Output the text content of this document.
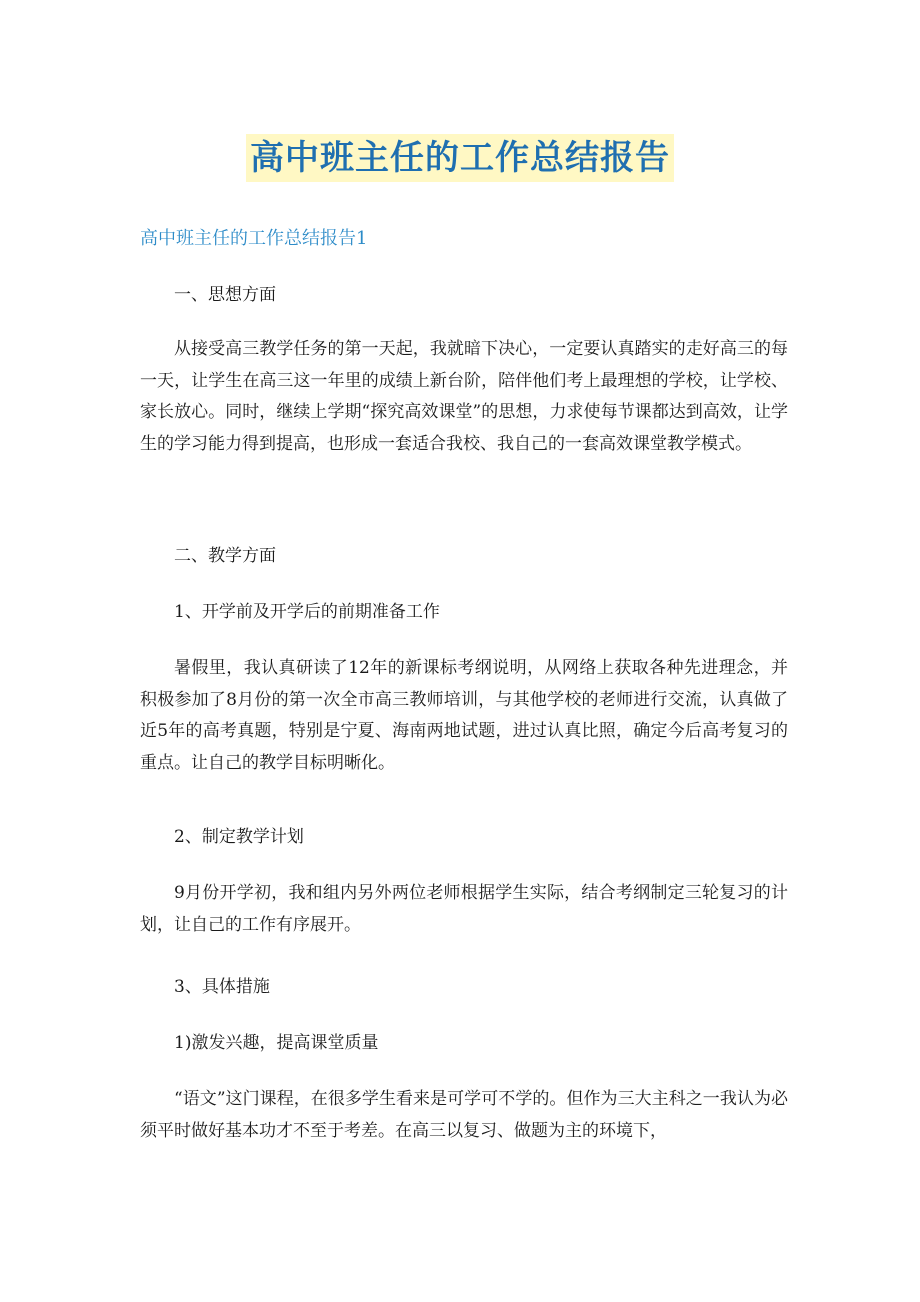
高中班主任的工作总结报告
高中班主任的工作总结报告1
一、思想方面
从接受高三教学任务的第一天起，我就暗下决心，一定要认真踏实的走好高三的每一天，让学生在高三这一年里的成绩上新台阶，陪伴他们考上最理想的学校，让学校、家长放心。同时，继续上学期“探究高效课堂”的思想，力求使每节课都达到高效，让学生的学习能力得到提高，也形成一套适合我校、我自己的一套高效课堂教学模式。
二、教学方面
1、开学前及开学后的前期准备工作
暑假里，我认真研读了12年的新课标考纲说明，从网络上获取各种先进理念，并积极参加了8月份的第一次全市高三教师培训，与其他学校的老师进行交流，认真做了近5年的高考真题，特别是宁夏、海南两地试题，进过认真比照，确定今后高考复习的重点。让自己的教学目标明晰化。
2、制定教学计划
9月份开学初，我和组内另外两位老师根据学生实际，结合考纲制定三轮复习的计划，让自己的工作有序展开。
3、具体措施
1)激发兴趣，提高课堂质量
“语文”这门课程，在很多学生看来是可学可不学的。但作为三大主科之一我认为必须平时做好基本功才不至于考差。在高三以复习、做题为主的环境下，
